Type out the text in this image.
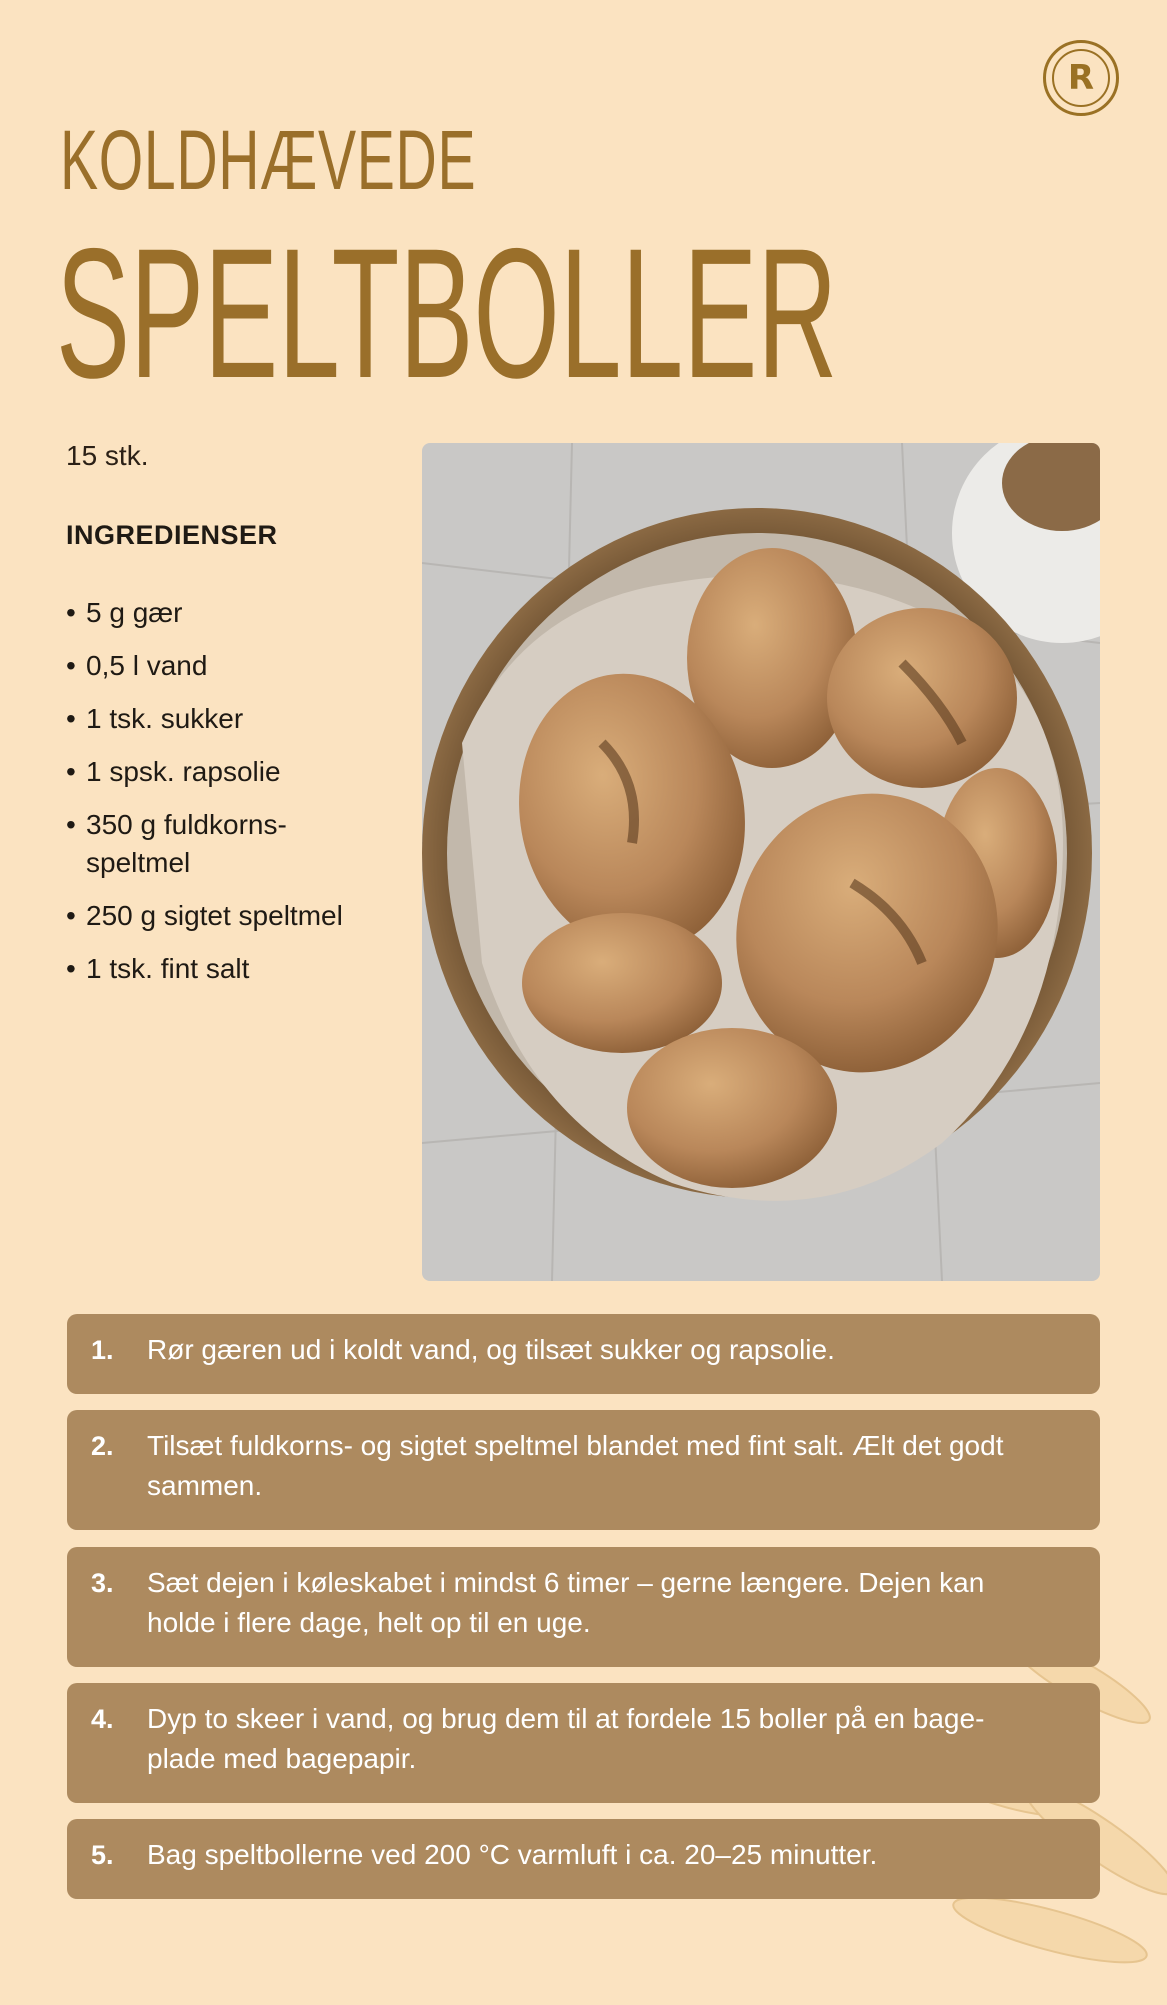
R
KOLDHÆVEDE
SPELTBOLLER
15 stk.
INGREDIENSER
• 5 g gær
• 0,5 l vand
• 1 tsk. sukker
• 1 spsk. rapsolie
• 350 g fuldkorns-
speltmel
• 250 g sigtet speltmel
• 1 tsk. fint salt
1. Rør gæren ud i koldt vand, og tilsæt sukker og rapsolie.
2. Tilsæt fuldkorns- og sigtet speltmel blandet med fint salt. Ælt det godt sammen.
3. Sæt dejen i køleskabet i mindst 6 timer – gerne længere. Dejen kan holde i flere dage, helt op til en uge.
4. Dyp to skeer i vand, og brug dem til at fordele 15 boller på en bage-plade med bagepapir.
5. Bag speltbollerne ved 200 °C varmluft i ca. 20–25 minutter.
